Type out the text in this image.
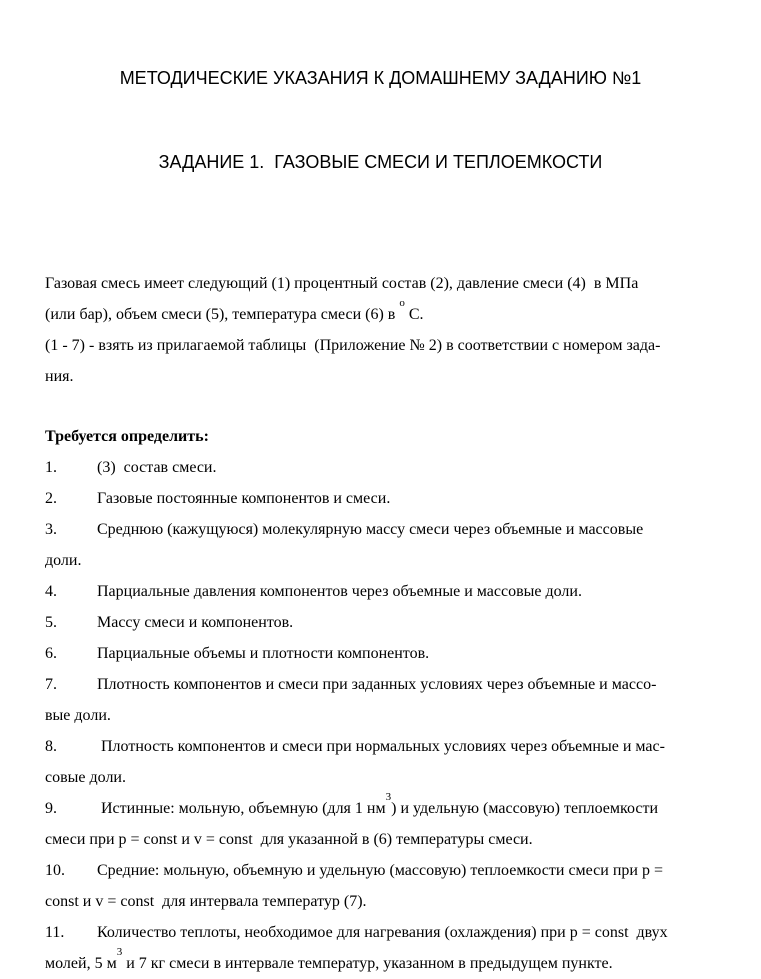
МЕТОДИЧЕСКИЕ УКАЗАНИЯ К ДОМАШНЕМУ ЗАДАНИЮ №1

ЗАДАНИЕ 1.  ГАЗОВЫЕ СМЕСИ И ТЕПЛОЕМКОСТИ

Газовая смесь имеет следующий (1) процентный состав (2), давление смеси (4)  в МПа
(или бар), объем смеси (5), температура смеси (6) в $^о$ С.
(1 - 7) - взять из прилагаемой таблицы  (Приложение № 2) в соответствии с номером зада-
ния.
Требуется определить:
1.	(3)  состав смеси.
2.	Газовые постоянные компонентов и смеси.
3.	Среднюю (кажущуюся) молекулярную массу смеси через объемные и массовые
доли.
4.	Парциальные давления компонентов через объемные и массовые доли.
5.	Массу смеси и компонентов.
6.	Парциальные объемы и плотности компонентов.
7.	Плотность компонентов и смеси при заданных условиях через объемные и массо-
вые доли.
8.	Плотность компонентов и смеси при нормальных условиях через объемные и мас-
совые доли.
9.	Истинные: мольную, объемную (для 1 $нм^3$) и удельную (массовую) теплоемкости
смеси при p = const и v = const  для указанной в (6) температуры смеси.
10.	Средние: мольную, объемную и удельную (массовую) теплоемкости смеси при p =
const и v = const  для интервала температур (7).
11.	Количество теплоты, необходимое для нагревания (охлаждения) при p = const  двух
молей, 5 $м^3$ и 7 кг смеси в интервале температур, указанном в предыдущем пункте.
